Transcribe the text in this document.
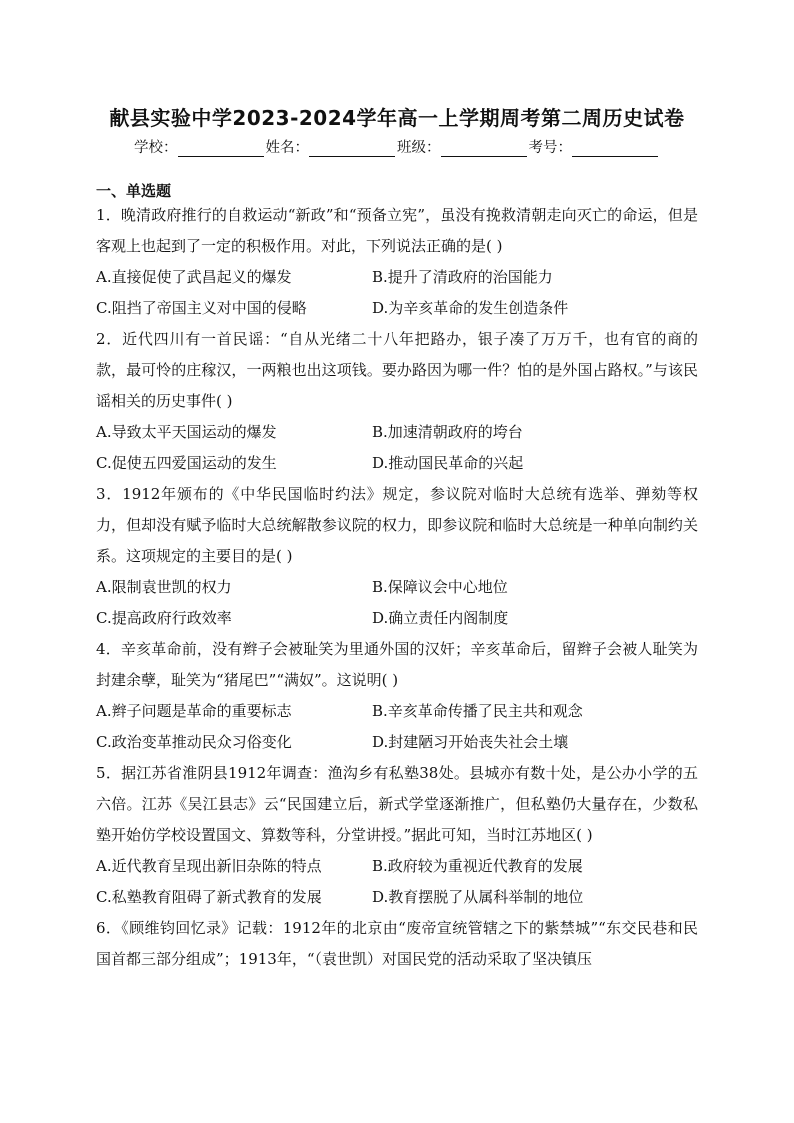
献县实验中学2023-2024学年高一上学期周考第二周历史试卷
学校：	姓名：	班级：	考号：
一、单选题

1．晚清政府推行的自救运动“新政”和“预备立宪”，虽没有挽救清朝走向灭亡的命运，但是客观上也起到了一定的积极作用。对此，下列说法正确的是( )

A.直接促使了武昌起义的爆发	B.提升了清政府的治国能力
C.阻挡了帝国主义对中国的侵略	D.为辛亥革命的发生创造条件

2．近代四川有一首民谣：“自从光绪二十八年把路办，银子凑了万万千，也有官的商的款，最可怜的庄稼汉，一两粮也出这项钱。要办路因为哪一件？怕的是外国占路权。”与该民谣相关的历史事件( )

A.导致太平天国运动的爆发	B.加速清朝政府的垮台
C.促使五四爱国运动的发生	D.推动国民革命的兴起

3．1912年颁布的《中华民国临时约法》规定，参议院对临时大总统有选举、弹劾等权力，但却没有赋予临时大总统解散参议院的权力，即参议院和临时大总统是一种单向制约关系。这项规定的主要目的是( )

A.限制袁世凯的权力	B.保障议会中心地位
C.提高政府行政效率	D.确立责任内阁制度

4．辛亥革命前，没有辫子会被耻笑为里通外国的汉奸；辛亥革命后，留辫子会被人耻笑为封建余孽，耻笑为“猪尾巴”“满奴”。这说明( )

A.辫子问题是革命的重要标志	B.辛亥革命传播了民主共和观念
C.政治变革推动民众习俗变化	D.封建陋习开始丧失社会土壤

5．据江苏省淮阴县1912年调查：渔沟乡有私塾38处。县城亦有数十处，是公办小学的五六倍。江苏《吴江县志》云“民国建立后，新式学堂逐渐推广，但私塾仍大量存在，少数私塾开始仿学校设置国文、算数等科，分堂讲授。”据此可知，当时江苏地区( )

A.近代教育呈现出新旧杂陈的特点	B.政府较为重视近代教育的发展
C.私塾教育阻碍了新式教育的发展	D.教育摆脱了从属科举制的地位

6．《顾维钧回忆录》记载：1912年的北京由“废帝宣统管辖之下的紫禁城”“东交民巷和民国首都三部分组成”；1913年，“（袁世凯）对国民党的活动采取了坚决镇压
